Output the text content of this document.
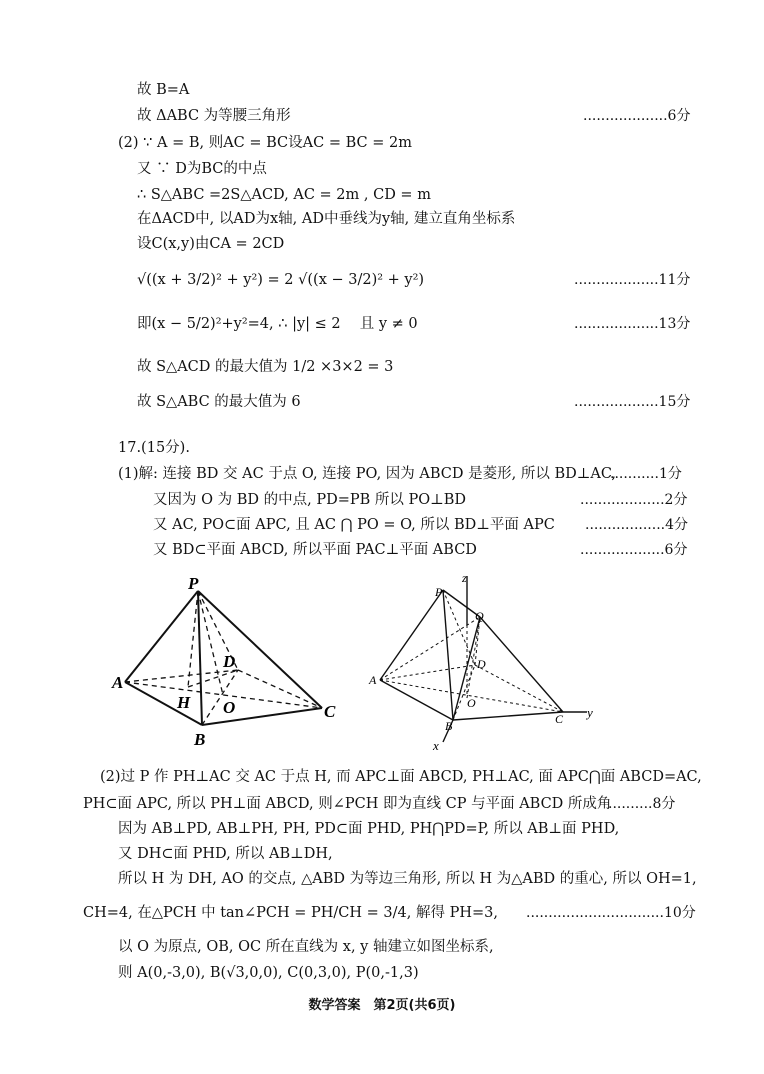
故 B=A
故 ΔABC 为等腰三角形
(2) ∵ A = B, 则AC = BC设AC = BC = 2m
又 ∵ D为BC的中点
∴ S△ABC =2S△ACD, AC = 2m , CD = m
在ΔACD中, 以AD为x轴, AD中垂线为y轴, 建立直角坐标系
设C(x,y)由CA = 2CD
√((x + 3/2)² + y²) = 2 √((x − 3/2)² + y²)
即(x − 5/2)²+y²=4, ∴ |y| ≤ 2 　且 y ≠ 0
故 S△ACD 的最大值为 1/2 ×3×2 = 3
故 S△ABC 的最大值为 6
17.(15分).
(1)解: 连接 BD 交 AC 于点 O, 连接 PO, 因为 ABCD 是菱形, 所以 BD⊥AC,
又因为 O 为 BD 的中点, PD=PB 所以 PO⊥BD
又 AC, PO⊂面 APC, 且 AC ⋂ PO = O, 所以 BD⊥平面 APC
又 BD⊂平面 ABCD, 所以平面 PAC⊥平面 ABCD
(2)过 P 作 PH⊥AC 交 AC 于点 H, 而 APC⊥面 ABCD, PH⊥AC, 面 APC⋂面 ABCD=AC,
PH⊂面 APC, 所以 PH⊥面 ABCD, 则∠PCH 即为直线 CP 与平面 ABCD 所成角
因为 AB⊥PD, AB⊥PH, PH, PD⊂面 PHD, PH⋂PD=P, 所以 AB⊥面 PHD,
又 DH⊂面 PHD, 所以 AB⊥DH,
所以 H 为 DH, AO 的交点, △ABD 为等边三角形, 所以 H 为△ABD 的重心, 所以 OH=1,
CH=4, 在△PCH 中 tan∠PCH = PH/CH = 3/4, 解得 PH=3,
以 O 为原点, OB, OC 所在直线为 x, y 轴建立如图坐标系,
则 A(0,-3,0), B(√3,0,0), C(0,3,0), P(0,-1,3)
...................6分
...................11分
...................13分
...................15分
...........1分
...................2分
..................4分
...................6分
..........8分
...............................10分
P
A
H O
D
C
B
z
P
Q
A
D
O
B	C
x
y
数学答案　第2页(共6页)
